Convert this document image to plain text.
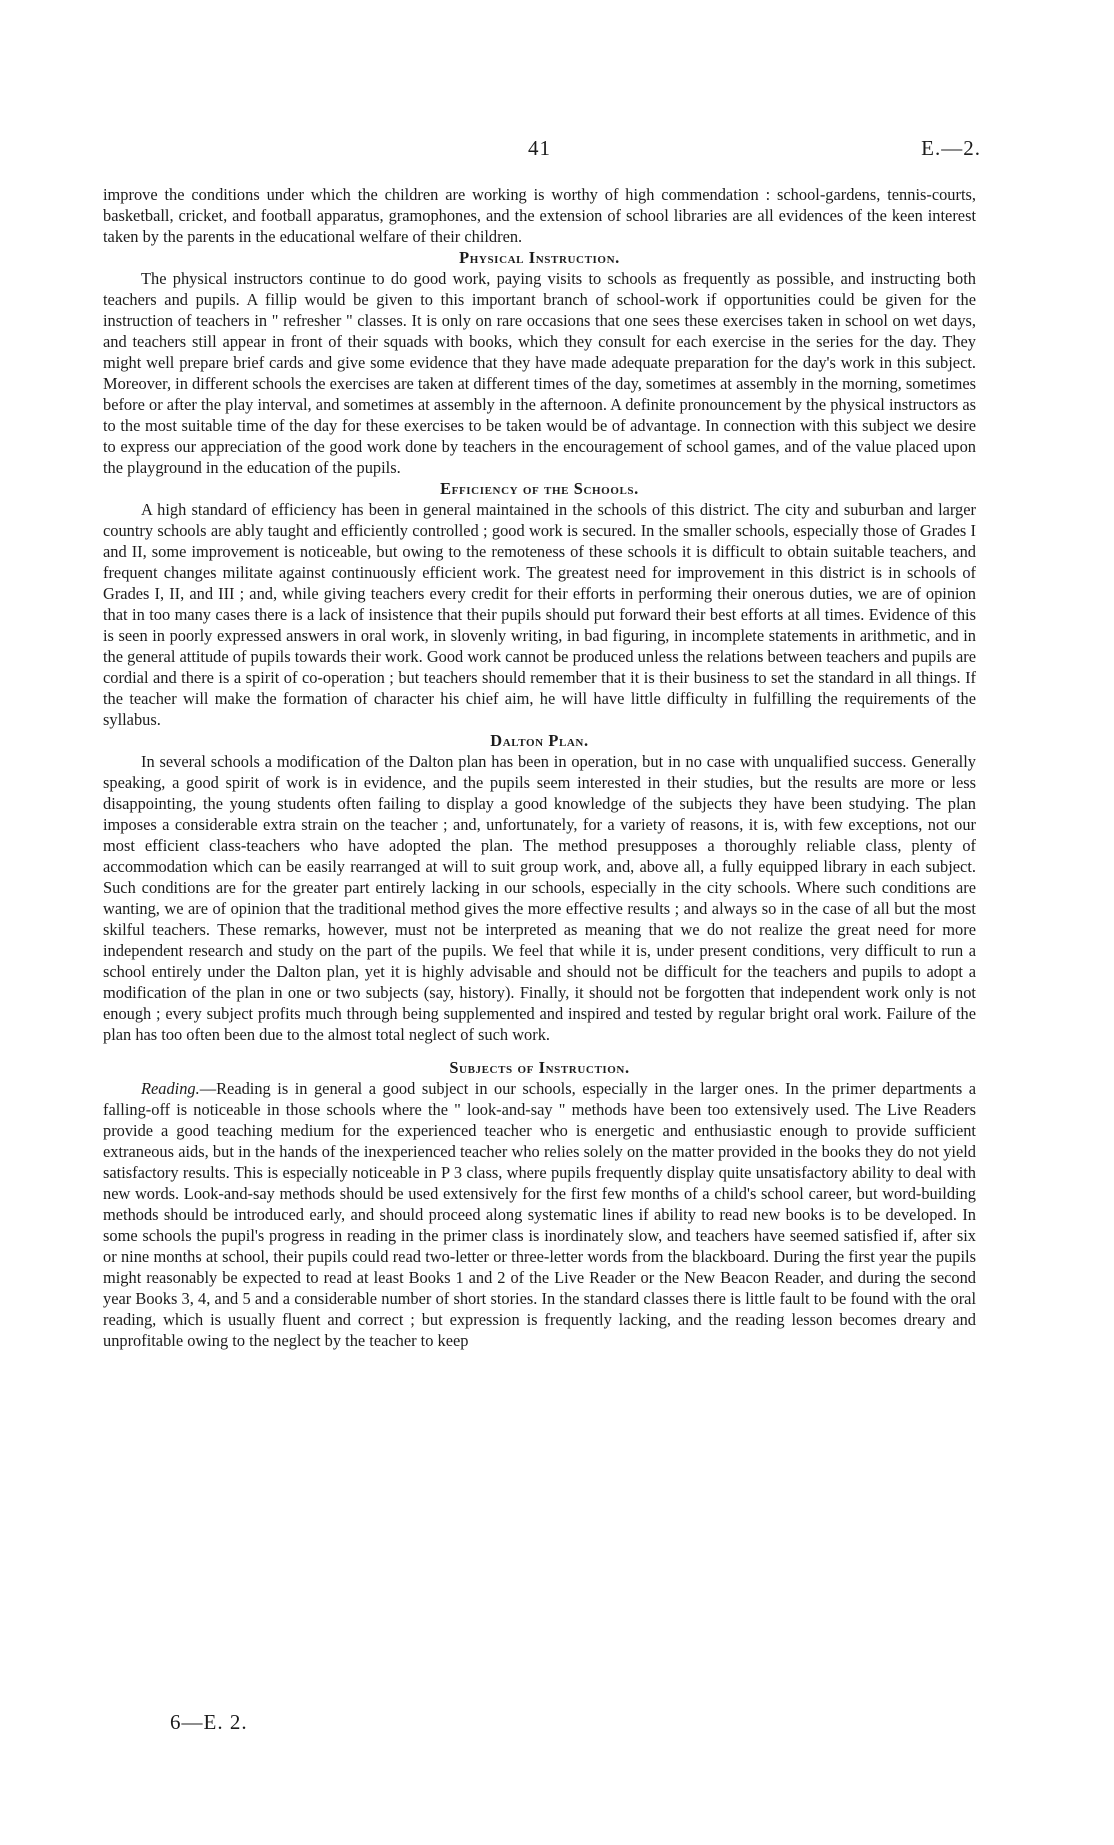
41	E.—2.

improve the conditions under which the children are working is worthy of high commendation : school-gardens, tennis-courts, basketball, cricket, and football apparatus, gramophones, and the extension of school libraries are all evidences of the keen interest taken by the parents in the educational welfare of their children.

Physical Instruction.

The physical instructors continue to do good work, paying visits to schools as frequently as possible, and instructing both teachers and pupils. A fillip would be given to this important branch of school-work if opportunities could be given for the instruction of teachers in " refresher " classes. It is only on rare occasions that one sees these exercises taken in school on wet days, and teachers still appear in front of their squads with books, which they consult for each exercise in the series for the day. They might well prepare brief cards and give some evidence that they have made adequate preparation for the day's work in this subject. Moreover, in different schools the exercises are taken at different times of the day, sometimes at assembly in the morning, sometimes before or after the play interval, and sometimes at assembly in the afternoon. A definite pronouncement by the physical instructors as to the most suitable time of the day for these exercises to be taken would be of advantage. In connection with this subject we desire to express our appreciation of the good work done by teachers in the encouragement of school games, and of the value placed upon the playground in the education of the pupils.

Efficiency of the Schools.

A high standard of efficiency has been in general maintained in the schools of this district. The city and suburban and larger country schools are ably taught and efficiently controlled ; good work is secured. In the smaller schools, especially those of Grades I and II, some improvement is noticeable, but owing to the remoteness of these schools it is difficult to obtain suitable teachers, and frequent changes militate against continuously efficient work. The greatest need for improvement in this district is in schools of Grades I, II, and III ; and, while giving teachers every credit for their efforts in performing their onerous duties, we are of opinion that in too many cases there is a lack of insistence that their pupils should put forward their best efforts at all times. Evidence of this is seen in poorly expressed answers in oral work, in slovenly writing, in bad figuring, in incomplete statements in arithmetic, and in the general attitude of pupils towards their work. Good work cannot be produced unless the relations between teachers and pupils are cordial and there is a spirit of co-operation ; but teachers should remember that it is their business to set the standard in all things. If the teacher will make the formation of character his chief aim, he will have little difficulty in fulfilling the requirements of the syllabus.

Dalton Plan.

In several schools a modification of the Dalton plan has been in operation, but in no case with unqualified success. Generally speaking, a good spirit of work is in evidence, and the pupils seem interested in their studies, but the results are more or less disappointing, the young students often failing to display a good knowledge of the subjects they have been studying. The plan imposes a considerable extra strain on the teacher ; and, unfortunately, for a variety of reasons, it is, with few exceptions, not our most efficient class-teachers who have adopted the plan. The method presupposes a thoroughly reliable class, plenty of accommodation which can be easily rearranged at will to suit group work, and, above all, a fully equipped library in each subject. Such conditions are for the greater part entirely lacking in our schools, especially in the city schools. Where such conditions are wanting, we are of opinion that the traditional method gives the more effective results ; and always so in the case of all but the most skilful teachers. These remarks, however, must not be interpreted as meaning that we do not realize the great need for more independent research and study on the part of the pupils. We feel that while it is, under present conditions, very difficult to run a school entirely under the Dalton plan, yet it is highly advisable and should not be difficult for the teachers and pupils to adopt a modification of the plan in one or two subjects (say, history). Finally, it should not be forgotten that independent work only is not enough ; every subject profits much through being supplemented and inspired and tested by regular bright oral work. Failure of the plan has too often been due to the almost total neglect of such work.

Subjects of Instruction.

Reading.—Reading is in general a good subject in our schools, especially in the larger ones. In the primer departments a falling-off is noticeable in those schools where the " look-and-say " methods have been too extensively used. The Live Readers provide a good teaching medium for the experienced teacher who is energetic and enthusiastic enough to provide sufficient extraneous aids, but in the hands of the inexperienced teacher who relies solely on the matter provided in the books they do not yield satisfactory results. This is especially noticeable in P 3 class, where pupils frequently display quite unsatisfactory ability to deal with new words. Look-and-say methods should be used extensively for the first few months of a child's school career, but word-building methods should be introduced early, and should proceed along systematic lines if ability to read new books is to be developed. In some schools the pupil's progress in reading in the primer class is inordinately slow, and teachers have seemed satisfied if, after six or nine months at school, their pupils could read two-letter or three-letter words from the blackboard. During the first year the pupils might reasonably be expected to read at least Books 1 and 2 of the Live Reader or the New Beacon Reader, and during the second year Books 3, 4, and 5 and a considerable number of short stories. In the standard classes there is little fault to be found with the oral reading, which is usually fluent and correct ; but expression is frequently lacking, and the reading lesson becomes dreary and unprofitable owing to the neglect by the teacher to keep

6—E. 2.
